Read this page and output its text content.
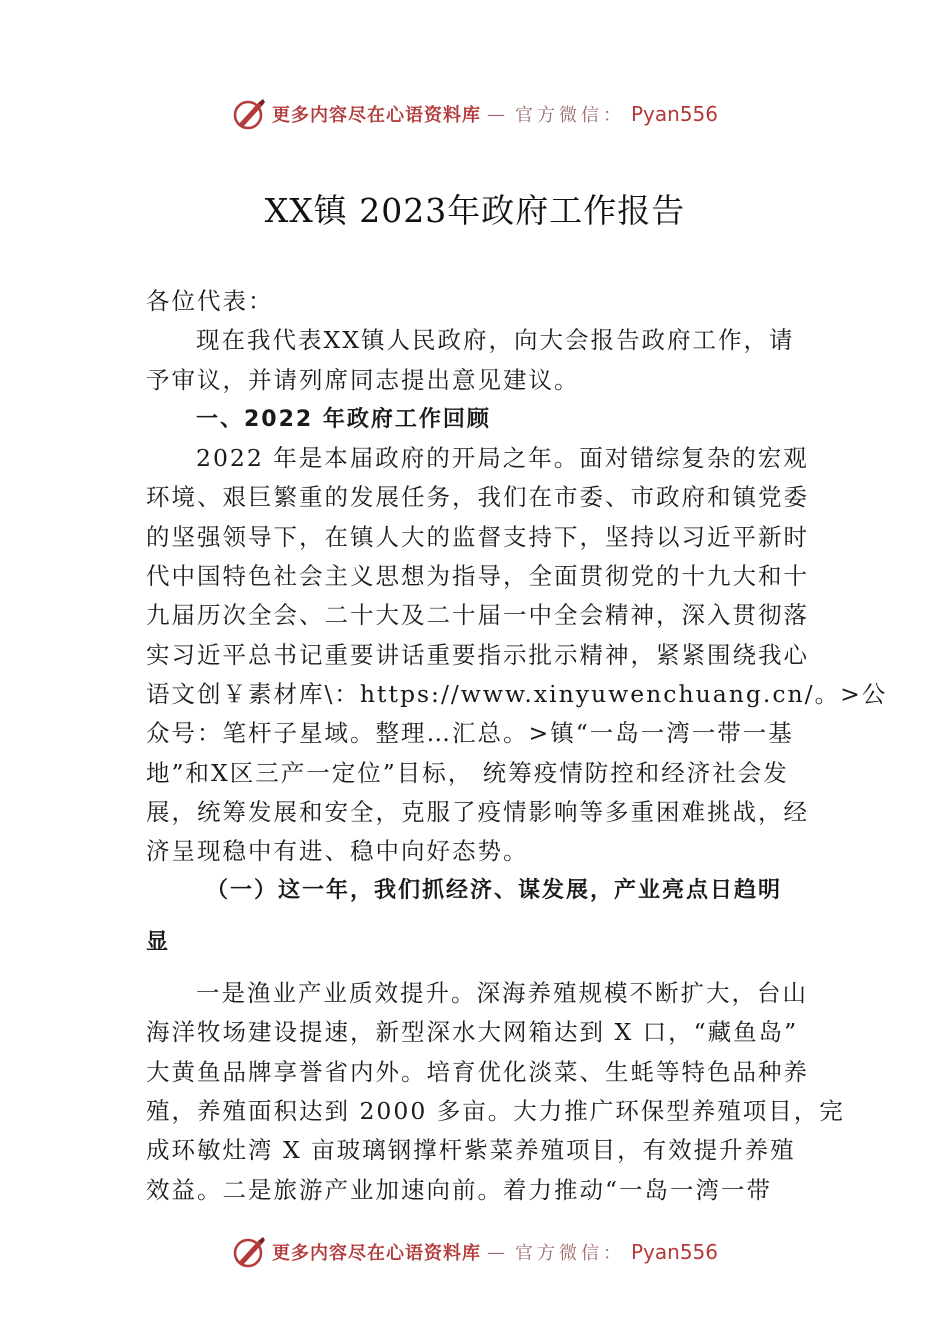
更多内容尽在心语资料库 — 官方微信： Pyan556
XX镇 2023年政府工作报告
各位代表：
现在我代表XX镇人民政府，向大会报告政府工作，请
予审议，并请列席同志提出意见建议。
一、2022 年政府工作回顾
2022 年是本届政府的开局之年。面对错综复杂的宏观
环境、艰巨繁重的发展任务，我们在市委、市政府和镇党委
的坚强领导下，在镇人大的监督支持下，坚持以习近平新时
代中国特色社会主义思想为指导，全面贯彻党的十九大和十
九届历次全会、二十大及二十届一中全会精神，深入贯彻落
实习近平总书记重要讲话重要指示批示精神，紧紧围绕我心
语文创￥素材库\：https://www.xinyuwenchuang.cn/。>公
众号：笔杆子星域。整理…汇总。>镇“一岛一湾一带一基
地”和X区三产一定位”目标， 统筹疫情防控和经济社会发
展，统筹发展和安全，克服了疫情影响等多重困难挑战，经
济呈现稳中有进、稳中向好态势。
（一）这一年，我们抓经济、谋发展，产业亮点日趋明
显
一是渔业产业质效提升。深海养殖规模不断扩大，台山
海洋牧场建设提速，新型深水大网箱达到 X 口，“藏鱼岛”
大黄鱼品牌享誉省内外。培育优化淡菜、生蚝等特色品种养
殖，养殖面积达到 2000 多亩。大力推广环保型养殖项目，完
成环敏灶湾 X 亩玻璃钢撑杆紫菜养殖项目，有效提升养殖
效益。二是旅游产业加速向前。着力推动“一岛一湾一带
更多内容尽在心语资料库 — 官方微信： Pyan556
